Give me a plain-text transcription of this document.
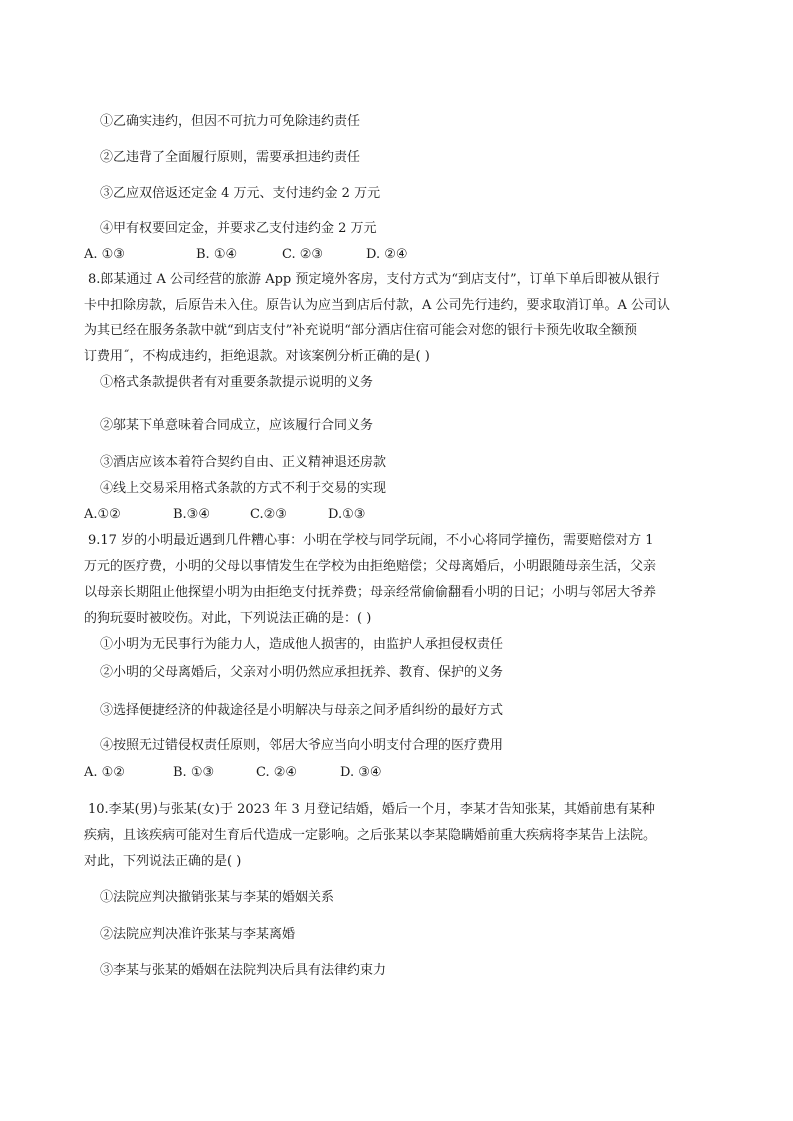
①乙确实违约，但因不可抗力可免除违约责任
②乙违背了全面履行原则，需要承担违约责任
③乙应双倍返还定金 4 万元、支付违约金 2 万元
④甲有权要回定金，并要求乙支付违约金 2 万元
A. ①③	B. ①④	C. ②③	D. ②④
8.郎某通过 A 公司经营的旅游 App 预定境外客房，支付方式为“到店支付”，订单下单后即被从银行
卡中扣除房款，后原告未入住。原告认为应当到店后付款，A 公司先行违约，要求取消订单。A 公司认
为其已经在服务条款中就“到店支付”补充说明“部分酒店住宿可能会对您的银行卡预先收取全额预
订费用˝，不构成违约，拒绝退款。对该案例分析正确的是( )
①格式条款提供者有对重要条款提示说明的义务
②邬某下单意味着合同成立，应该履行合同义务
③酒店应该本着符合契约自由、正义精神退还房款
④线上交易采用格式条款的方式不利于交易的实现
A.①②	B.③④	C.②③	D.①③
9.17 岁的小明最近遇到几件糟心事：小明在学校与同学玩闹，不小心将同学撞伤，需要赔偿对方 1
万元的医疗费，小明的父母以事情发生在学校为由拒绝赔偿；父母离婚后，小明跟随母亲生活，父亲
以母亲长期阻止他探望小明为由拒绝支付抚养费；母亲经常偷偷翻看小明的日记；小明与邻居大爷养
的狗玩耍时被咬伤。对此，下列说法正确的是：( )
①小明为无民事行为能力人，造成他人损害的，由监护人承担侵权责任
②小明的父母离婚后，父亲对小明仍然应承担抚养、教育、保护的义务
③选择便捷经济的仲裁途径是小明解决与母亲之间矛盾纠纷的最好方式
④按照无过错侵权责任原则，邻居大爷应当向小明支付合理的医疗费用
A. ①②	B. ①③	C. ②④	D. ③④
10.李某(男)与张某(女)于 2023 年 3 月登记结婚，婚后一个月，李某才告知张某，其婚前患有某种
疾病，且该疾病可能对生育后代造成一定影响。之后张某以李某隐瞒婚前重大疾病将李某告上法院。
对此，下列说法正确的是( )
①法院应判决撤销张某与李某的婚姻关系
②法院应判决准许张某与李某离婚
③李某与张某的婚姻在法院判决后具有法律约束力
